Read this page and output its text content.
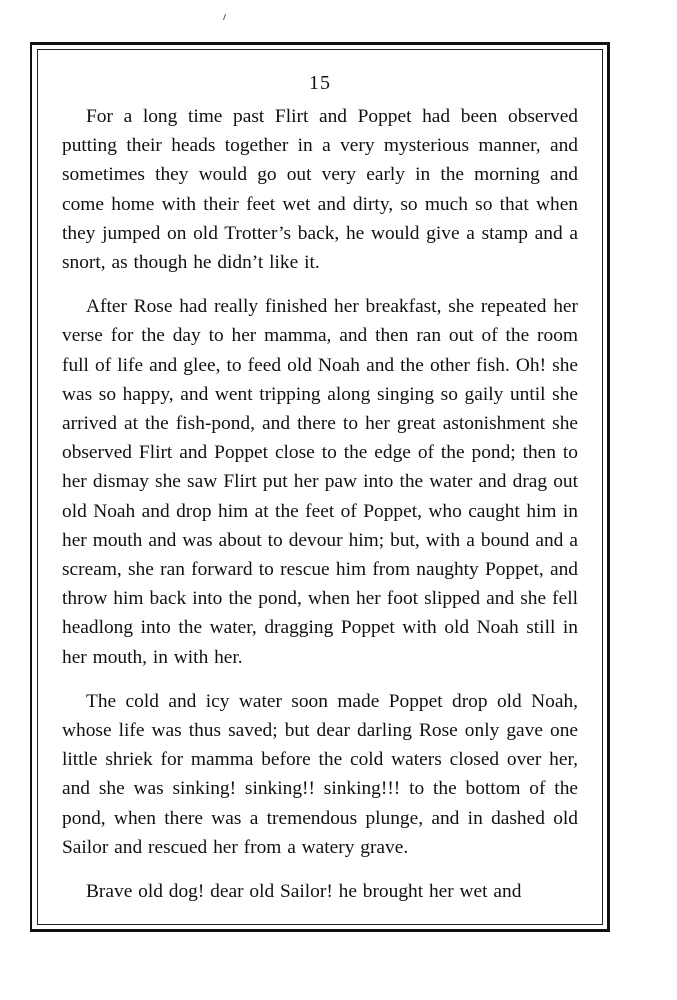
15

For a long time past Flirt and Poppet had been observed putting their heads together in a very mysterious manner, and sometimes they would go out very early in the morning and come home with their feet wet and dirty, so much so that when they jumped on old Trotter’s back, he would give a stamp and a snort, as though he didn’t like it.

After Rose had really finished her breakfast, she repeated her verse for the day to her mamma, and then ran out of the room full of life and glee, to feed old Noah and the other fish. Oh! she was so happy, and went tripping along singing so gaily until she arrived at the fish-pond, and there to her great astonishment she observed Flirt and Poppet close to the edge of the pond; then to her dismay she saw Flirt put her paw into the water and drag out old Noah and drop him at the feet of Poppet, who caught him in her mouth and was about to devour him; but, with a bound and a scream, she ran forward to rescue him from naughty Poppet, and throw him back into the pond, when her foot slipped and she fell headlong into the water, dragging Poppet with old Noah still in her mouth, in with her.

The cold and icy water soon made Poppet drop old Noah, whose life was thus saved; but dear darling Rose only gave one little shriek for mamma before the cold waters closed over her, and she was sinking! sinking!! sinking!!! to the bottom of the pond, when there was a tremendous plunge, and in dashed old Sailor and rescued her from a watery grave.

Brave old dog! dear old Sailor! he brought her wet and
